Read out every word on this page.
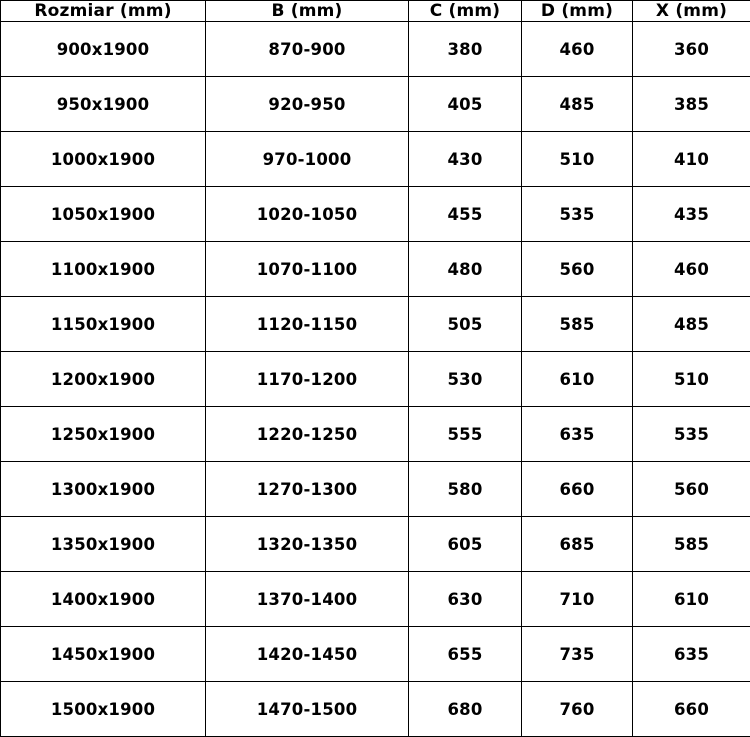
Rozmiar (mm)	B (mm)	C (mm)	D (mm)	X (mm)
900x1900	870-900	380	460	360
950x1900	920-950	405	485	385
1000x1900	970-1000	430	510	410
1050x1900	1020-1050	455	535	435
1100x1900	1070-1100	480	560	460
1150x1900	1120-1150	505	585	485
1200x1900	1170-1200	530	610	510
1250x1900	1220-1250	555	635	535
1300x1900	1270-1300	580	660	560
1350x1900	1320-1350	605	685	585
1400x1900	1370-1400	630	710	610
1450x1900	1420-1450	655	735	635
1500x1900	1470-1500	680	760	660
